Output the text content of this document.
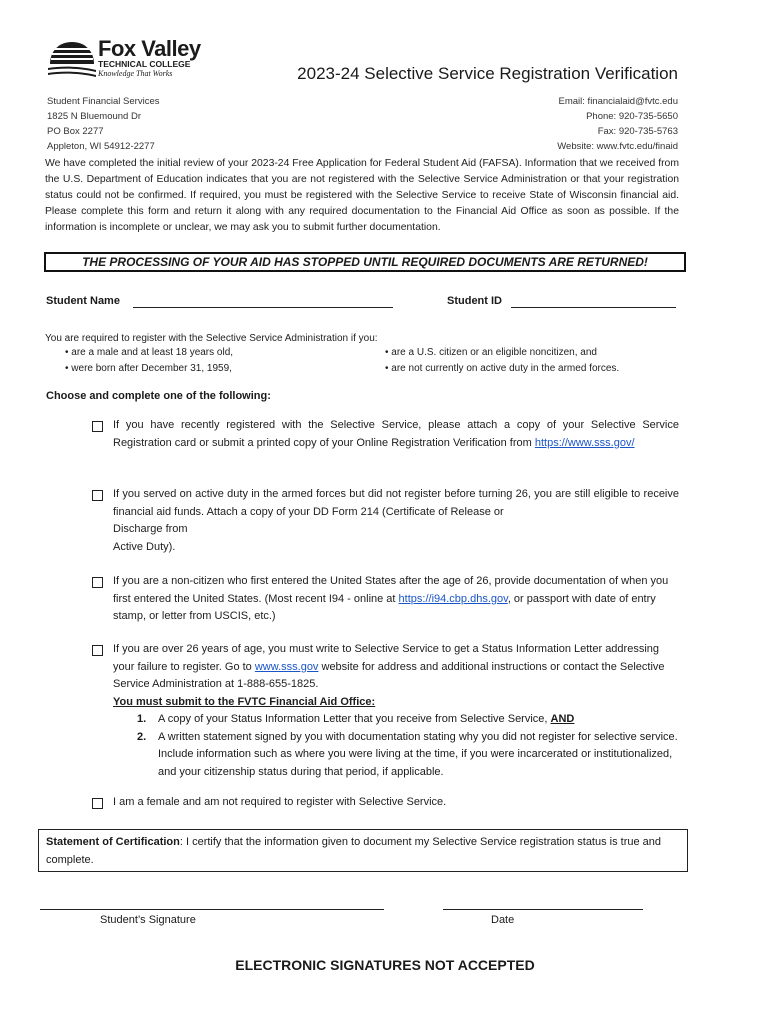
Fox Valley
TECHNICAL COLLEGE
Knowledge That Works	2023-24 Selective Service Registration Verification
Student Financial Services
1825 N Bluemound Dr
PO Box 2277
Appleton, WI 54912-2277
Email: financialaid@fvtc.edu
Phone: 920-735-5650
Fax: 920-735-5763
Website: www.fvtc.edu/finaid
We have completed the initial review of your 2023-24 Free Application for Federal Student Aid (FAFSA). Information that we received from the U.S. Department of Education indicates that you are not registered with the Selective Service Administration or that your registration status could not be confirmed. If required, you must be registered with the Selective Service to receive State of Wisconsin financial aid. Please complete this form and return it along with any required documentation to the Financial Aid Office as soon as possible. If the information is incomplete or unclear, we may ask you to submit further documentation.
THE PROCESSING OF YOUR AID HAS STOPPED UNTIL REQUIRED DOCUMENTS ARE RETURNED!
Student Name	Student ID
You are required to register with the Selective Service Administration if you:
• are a male and at least 18 years old,
• were born after December 31, 1959,
• are a U.S. citizen or an eligible noncitizen, and
• are not currently on active duty in the armed forces.
Choose and complete one of the following:
If you have recently registered with the Selective Service, please attach a copy of your Selective Service Registration card or submit a printed copy of your Online Registration Verification from https://www.sss.gov/
If you served on active duty in the armed forces but did not register before turning 26, you are still eligible to receive financial aid funds. Attach a copy of your DD Form 214 (Certificate of Release or
Discharge from
Active Duty).
If you are a non-citizen who first entered the United States after the age of 26, provide documentation of when you first entered the United States. (Most recent I94 - online at https://i94.cbp.dhs.gov, or passport with date of entry stamp, or letter from USCIS, etc.)
If you are over 26 years of age, you must write to Selective Service to get a Status Information Letter addressing your failure to register. Go to www.sss.gov website for address and additional instructions or contact the Selective Service Administration at 1-888-655-1825.
You must submit to the FVTC Financial Aid Office:
1. A copy of your Status Information Letter that you receive from Selective Service, AND
2. A written statement signed by you with documentation stating why you did not register for selective service. Include information such as where you were living at the time, if you were incarcerated or institutionalized, and your citizenship status during that period, if applicable.
I am a female and am not required to register with Selective Service.
Statement of Certification: I certify that the information given to document my Selective Service registration status is true and complete.
Student’s Signature	Date
ELECTRONIC SIGNATURES NOT ACCEPTED
